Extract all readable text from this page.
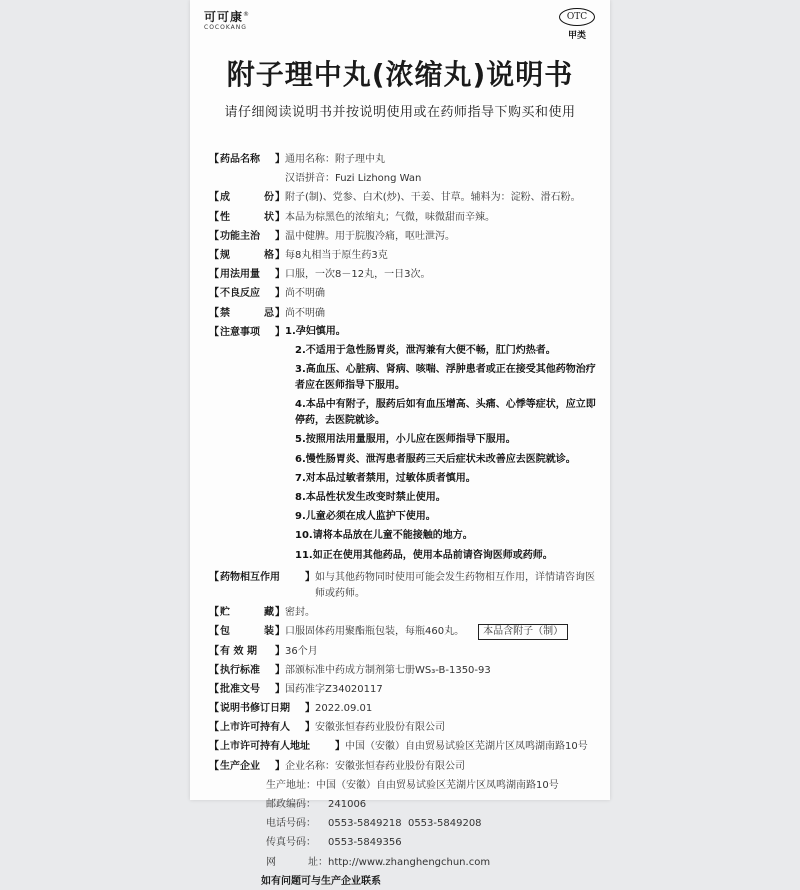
可可康®
COCOKANG
OTC
甲类
附子理中丸(浓缩丸)说明书
请仔细阅读说明书并按说明使用或在药师指导下购买和使用
【 药品名称 】 通用名称：附子理中丸

汉语拼音：Fuzi Lizhong Wan
【 成	份 】 附子(制)、党参、白术(炒)、干姜、甘草。辅料为：淀粉、滑石粉。
【 性	状 】 本品为棕黑色的浓缩丸；气微，味微甜而辛辣。
【 功能主治 】 温中健脾。用于脘腹冷痛，呕吐泄泻。
【 规	格 】 每8丸相当于原生药3克
【 用法用量 】 口服，一次8－12丸，一日3次。
【 不良反应 】 尚不明确
【 禁	忌 】 尚不明确
【 注意事项 】 1.孕妇慎用。
2.不适用于急性肠胃炎，泄泻兼有大便不畅，肛门灼热者。
3.高血压、心脏病、肾病、咳喘、浮肿患者或正在接受其他药物治疗者应在医师指导下服用。
4.本品中有附子，服药后如有血压增高、头痛、心悸等症状，应立即停药，去医院就诊。
5.按照用法用量服用，小儿应在医师指导下服用。
6.慢性肠胃炎、泄泻患者服药三天后症状未改善应去医院就诊。
7.对本品过敏者禁用，过敏体质者慎用。
8.本品性状发生改变时禁止使用。
9.儿童必须在成人监护下使用。
10.请将本品放在儿童不能接触的地方。
11.如正在使用其他药品，使用本品前请咨询医师或药师。
【 药物相互作用	】 如与其他药物同时使用可能会发生药物相互作用，详情请咨询医师或药师。
【 贮	藏 】 密封。
【 包	装 】 口服固体药用聚酯瓶包装，每瓶460丸。 本品含附子（制）
【 有 效 期 】 36个月
【 执行标准 】 部颁标准中药成方制剂第七册WS₃-B-1350-93
【 批准文号 】 国药准字Z34020117
【 说明书修订日期 】 2022.09.01
【 上市许可持有人 】 安徽张恒春药业股份有限公司
【 上市许可持有人地址	】 中国（安徽）自由贸易试验区芜湖片区凤鸣湖南路10号
【 生产企业 】 企业名称：安徽张恒春药业股份有限公司
生产地址：中国（安徽）自由贸易试验区芜湖片区凤鸣湖南路10号
邮政编码： 241006
电话号码： 0553-5849218  0553-5849208
传真号码： 0553-5849356
网	址： http://www.zhanghengchun.com
如有问题可与生产企业联系
